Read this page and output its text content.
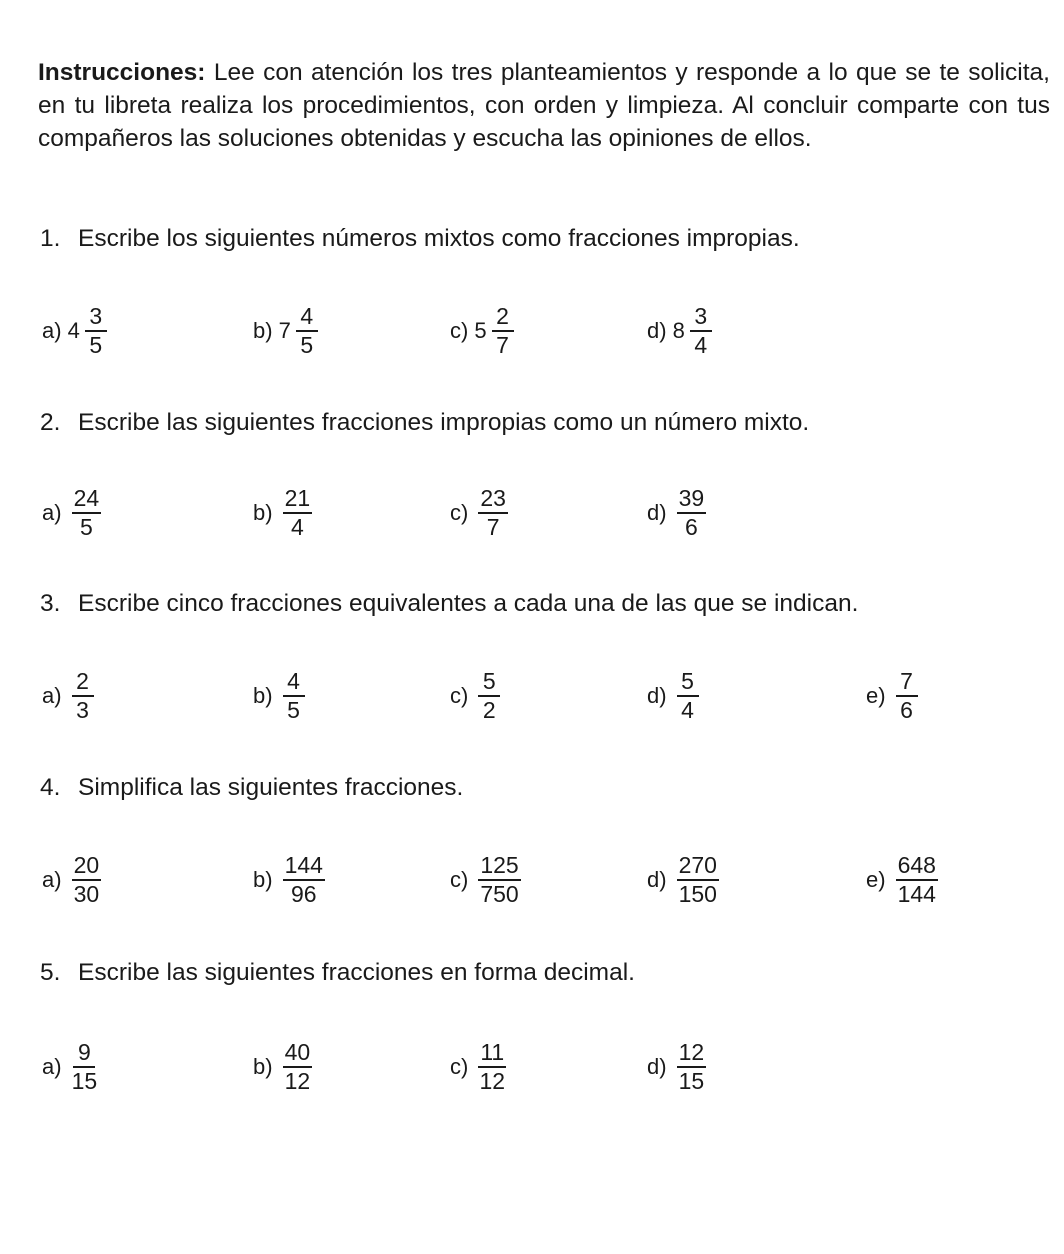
Instrucciones: Lee con atención los tres planteamientos y responde a lo que se te solicita, en tu libreta realiza los procedimientos, con orden y limpieza. Al concluir comparte con tus compañeros las soluciones obtenidas y escucha las opiniones de ellos.

1. Escribe los siguientes números mixtos como fracciones impropias.

a) $4 \frac{3}{5}$	b) $7 \frac{4}{5}$	c) $5 \frac{2}{7}$	d) $8 \frac{3}{4}$

2. Escribe las siguientes fracciones impropias como un número mixto.

$a) \frac{24}{5}$	$b) \frac{21}{4}$	$c) \frac{23}{7}$	$d) \frac{39}{6}$

3. Escribe cinco fracciones equivalentes a cada una de las que se indican.

$a) \frac{2}{3}$	$b) \frac{4}{5}$	$c) \frac{5}{2}$	$d) \frac{5}{4}$	$e) \frac{7}{6}$

4. Simplifica las siguientes fracciones.

$a) \frac{20}{30}$	$b) \frac{144}{96}$	$c) \frac{125}{750}$	$d) \frac{270}{150}$	$e) \frac{648}{144}$

5. Escribe las siguientes fracciones en forma decimal.

$a) \frac{9}{15}$	$b) \frac{40}{12}$	$c) \frac{11}{12}$	$d) \frac{12}{15}$
